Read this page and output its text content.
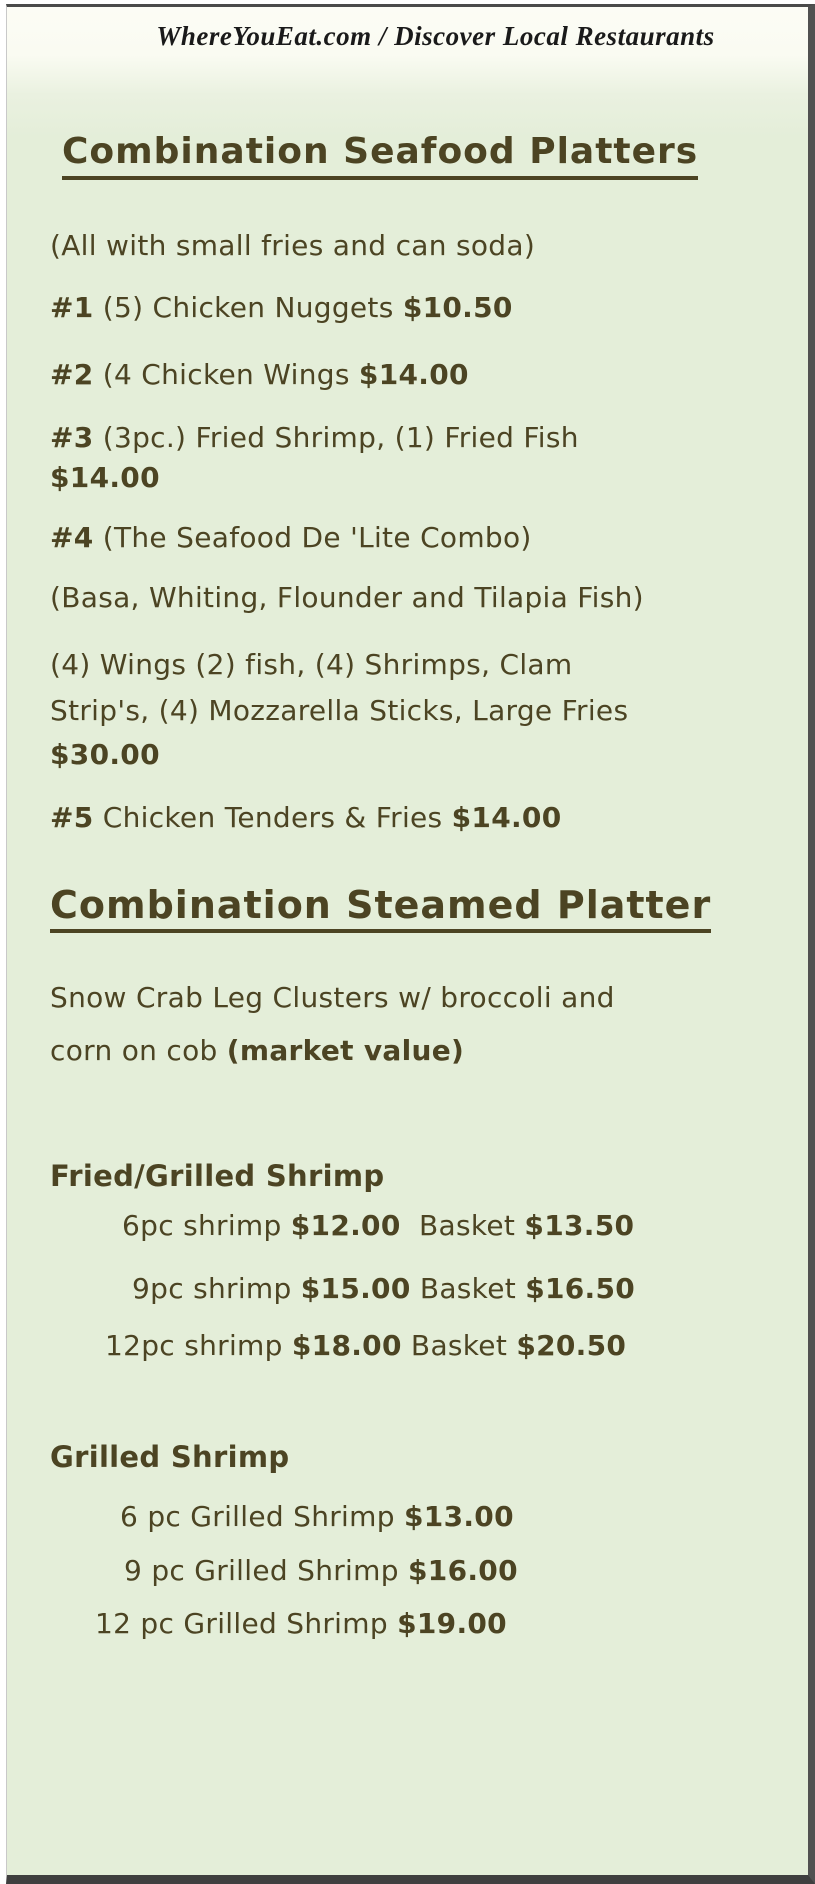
WhereYouEat.com / Discover Local Restaurants
Combination Seafood Platters
(All with small fries and can soda)
#1 (5) Chicken Nuggets $10.50
#2 (4 Chicken Wings $14.00
#3 (3pc.) Fried Shrimp, (1) Fried Fish
$14.00
#4 (The Seafood De 'Lite Combo)
(Basa, Whiting, Flounder and Tilapia Fish)
(4) Wings (2) fish, (4) Shrimps, Clam
Strip's, (4) Mozzarella Sticks, Large Fries
$30.00
#5 Chicken Tenders & Fries $14.00
Combination Steamed Platter
Snow Crab Leg Clusters w/ broccoli and
corn on cob (market value)
Fried/Grilled Shrimp
6pc shrimp $12.00  Basket $13.50
9pc shrimp $15.00 Basket $16.50
12pc shrimp $18.00 Basket $20.50
Grilled Shrimp
6 pc Grilled Shrimp $13.00
9 pc Grilled Shrimp $16.00
12 pc Grilled Shrimp $19.00
